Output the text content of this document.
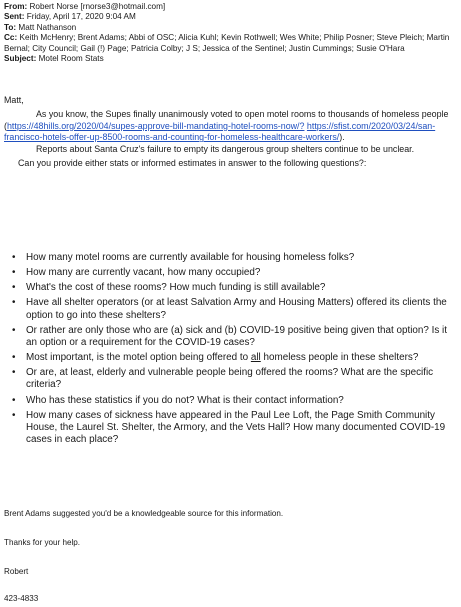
From: Robert Norse [rnorse3@hotmail.com]
Sent: Friday, April 17, 2020 9:04 AM
To: Matt Nathanson
Cc: Keith McHenry; Brent Adams; Abbi of OSC; Alicia Kuhl; Kevin Rothwell; Wes White; Philip Posner; Steve Pleich; Martin Bernal; City Council; Gail (!) Page; Patricia Colby; J S; Jessica of the Sentinel; Justin Cummings; Susie O'Hara
Subject: Motel Room Stats

Matt,

As you know, the Supes finally unanimously voted to open motel rooms to thousands of homeless people (https://48hills.org/2020/04/supes-approve-bill-mandating-hotel-rooms-now/? https://sfist.com/2020/03/24/san-francisco-hotels-offer-up-8500-rooms-and-counting-for-homeless-healthcare-workers/).

Reports about Santa Cruz's failure to empty its dangerous group shelters continue to be unclear.

Can you provide either stats or informed estimates in answer to the following questions?:

• How many motel rooms are currently available for housing homeless folks?
• How many are currently vacant, how many occupied?
• What's the cost of these rooms? How much funding is still available?
• Have all shelter operators (or at least Salvation Army and Housing Matters) offered its clients the option to go into these shelters?
• Or rather are only those who are (a) sick and (b) COVID-19 positive being given that option? Is it an option or a requirement for the COVID-19 cases?
• Most important, is the motel option being offered to all homeless people in these shelters?
• Or are, at least, elderly and vulnerable people being offered the rooms? What are the specific criteria?
• Who has these statistics if you do not? What is their contact information?
• How many cases of sickness have appeared in the Paul Lee Loft, the Page Smith Community House, the Laurel St. Shelter, the Armory, and the Vets Hall? How many documented COVID-19 cases in each place?
Brent Adams suggested you'd be a knowledgeable source for this information.
Thanks for your help.
Robert
423-4833
